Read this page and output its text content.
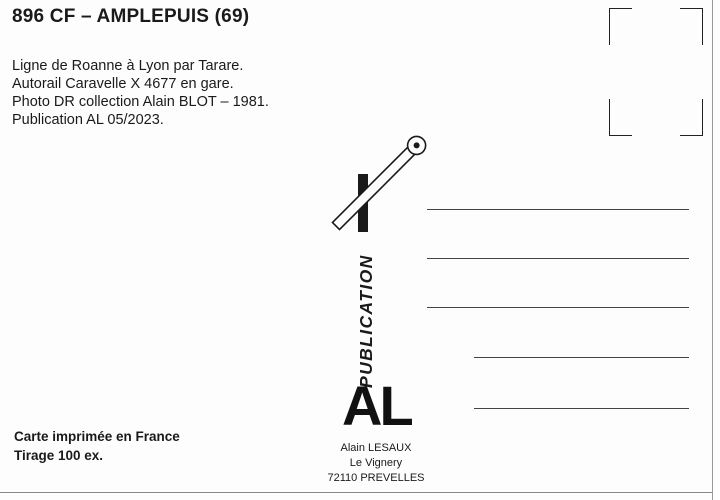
896 CF – AMPLEPUIS (69)
Ligne de Roanne à Lyon par Tarare.
Autorail Caravelle X 4677 en gare.
Photo DR collection Alain BLOT – 1981.
Publication AL 05/2023.
Carte imprimée en France
Tirage 100 ex.
PUBLICATION
AL
Alain LESAUX
Le Vignery
72110 PREVELLES
